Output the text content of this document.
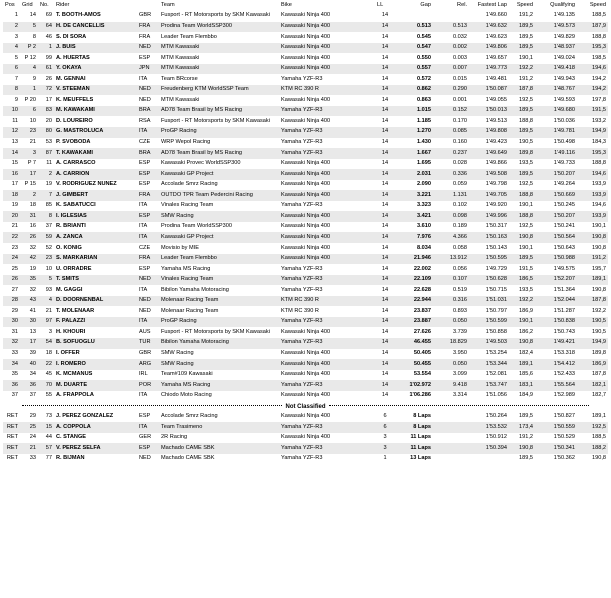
Pos	Grid	No.	Rider		Team	Bike	LL	Gap	Rel.	Fastest Lap	Speed	Qualifying	Speed
1	14	69	T. BOOTH-AMOS	GBR	Fusport - RT Motorsports by SKM Kawasaki	Kawasaki Ninja 400	14			1'49.660	191,2	1'49.135	188,5
2	5	64	H. DE CANCELLIS	FRA	Prodina Team WorldSSP300	Kawasaki Ninja 400	14	0.513	0.513	1'49.632	189,5	1'49.573	187,9
3	8	46	S. DI SORA	FRA	Leader Team Flembbo	Kawasaki Ninja 400	14	0.545	0.032	1'49.623	189,5	1'49.829	188,8
4	P 2	1	J. BUIS	NED	MTM Kawasaki	Kawasaki Ninja 400	14	0.547	0.002	1'49.806	189,5	1'48.937	195,3
5	P 12	99	A. HUERTAS	ESP	MTM Kawasaki	Kawasaki Ninja 400	14	0.550	0.003	1'49.657	190,1	1'49.024	198,5
6	4	61	Y. OKAYA	JPN	MTM Kawasaki	Kawasaki Ninja 400	14	0.557	0.007	1'49.773	192,2	1'49.418	194,6
7	9	26	M. GENNAI	ITA	Team BRcorse	Yamaha YZF-R3	14	0.572	0.015	1'49.481	191,2	1'49.943	194,2
8	1	72	V. STEEMAN	NED	Freudenberg KTM WorldSSP Team	KTM RC 390 R	14	0.862	0.290	1'50.087	187,8	1'48.767	194,2
9	P 20	17	K. MEUFFELS	NED	MTM Kawasaki	Kawasaki Ninja 400	14	0.863	0.001	1'49.055	192,5	1'49.593	197,8
10	6	83	M. KAWAKAMI	BRA	AD78 Team Brasil by MS Racing	Yamaha YZF-R3	14	1.015	0.152	1'50.013	189,5	1'49.680	191,5
11	10	20	D. LOUREIRO	RSA	Fusport - RT Motorsports by SKM Kawasaki	Kawasaki Ninja 400	14	1.185	0.170	1'49.513	188,8	1'50.036	193,2
12	23	80	G. MASTROLUCA	ITA	ProGP Racing	Yamaha YZF-R3	14	1.270	0.085	1'49.808	189,5	1'49.781	194,9
13	21	53	P. SVOBODA	CZE	WRP Wepol Racing	Yamaha YZF-R3	14	1.430	0.160	1'49.423	190,5	1'50.498	184,3
14	3	87	T. KAWAKAMI	BRA	AD78 Team Brasil by MS Racing	Yamaha YZF-R3	14	1.667	0.237	1'49.649	189,8	1'49.116	195,3
15	P 7	11	A. CARRASCO	ESP	Kawasaki Provec WorldSSP300	Kawasaki Ninja 400	14	1.695	0.028	1'49.866	193,5	1'49.733	188,8
16	17	2	A. CARRION	ESP	Kawasaki GP Project	Kawasaki Ninja 400	14	2.031	0.336	1'49.508	189,5	1'50.207	194,6
17	P 15	19	V. RODRIGUEZ NUNEZ	ESP	Accolade Smrz Racing	Kawasaki Ninja 400	14	2.090	0.059	1'49.798	192,5	1'49.264	193,9
18	2	7	J. GIMBERT	FRA	OUTDO TPR Team Pedercini Racing	Kawasaki Ninja 400	14	3.221	1.131	1'49.705	188,8	1'50.669	193,9
19	18	85	K. SABATUCCI	ITA	Vinales Racing Team	Yamaha YZF-R3	14	3.323	0.102	1'49.920	190,1	1'50.245	194,6
20	31	8	I. IGLESIAS	ESP	SMW Racing	Kawasaki Ninja 400	14	3.421	0.098	1'49.996	188,8	1'50.207	193,9
21	16	37	R. BRIANTI	ITA	Prodina Team WorldSSP300	Kawasaki Ninja 400	14	3.610	0.189	1'50.317	192,5	1'50.241	190,1
22	26	59	A. ZANCA	ITA	Kawasaki GP Project	Kawasaki Ninja 400	14	7.976	4.366	1'50.163	190,8	1'50.564	190,8
23	32	52	O. KONIG	CZE	Movisio by MIE	Kawasaki Ninja 400	14	8.034	0.058	1'50.143	190,1	1'50.643	190,8
24	42	23	S. MARKARIAN	FRA	Leader Team Flembbo	Kawasaki Ninja 400	14	21.946	13.912	1'50.595	189,5	1'50.988	191,2
25	19	10	U. ORRADRE	ESP	Yamaha MS Racing	Yamaha YZF-R3	14	22.002	0.056	1'49.729	191,5	1'49.575	195,7
26	35	5	T. SMITS	NED	Vinales Racing Team	Yamaha YZF-R3	14	22.109	0.107	1'50.628	186,5	1'52.207	189,1
27	32	93	M. GAGGI	ITA	Bibilon Yamaha Motoracing	Yamaha YZF-R3	14	22.628	0.519	1'50.715	193,5	1'51.364	190,8
28	43	4	D. DOORNENBAL	NED	Molenaar Racing Team	KTM RC 390 R	14	22.944	0.316	1'51.031	192,2	1'52.044	187,8
29	41	21	T. MOLENAAR	NED	Molenaar Racing Team	KTM RC 390 R	14	23.837	0.893	1'50.797	186,9	1'51.287	192,2
30	30	97	F. PALAZZI	ITA	ProGP Racing	Yamaha YZF-R3	14	23.887	0.050	1'50.599	190,1	1'50.838	190,5
31	13	3	H. KHOURI	AUS	Fusport - RT Motorsports by SKM Kawasaki	Kawasaki Ninja 400	14	27.626	3.739	1'50.858	186,2	1'50.743	190,5
32	17	54	B. SOFUOGLU	TUR	Bibilon Yamaha Motoracing	Yamaha YZF-R3	14	46.455	18.829	1'49.503	190,8	1'49.421	194,9
33	39	18	I. OFFER	GBR	SMW Racing	Kawasaki Ninja 400	14	50.405	3.950	1'53.254	182,4	1'53.318	189,8
34	40	22	I. ROMERO	ARG	SMW Racing	Kawasaki Ninja 400	14	50.455	0.050	1'53.344	189,1	1'54.412	186,9
35	34	45	K. MCMANUS	IRL	Team#109 Kawasaki	Kawasaki Ninja 400	14	53.554	3.099	1'52.081	185,6	1'52.433	187,8
36	36	70	M. DUARTE	POR	Yamaha MS Racing	Yamaha YZF-R3	14	1'02.972	9.418	1'53.747	183,1	1'55.564	182,1
37	37	55	A. FRAPPOLA	ITA	Chiodo Moto Racing	Kawasaki Ninja 400	14	1'06.286	3.314	1'51.056	184,9	1'52.989	182,7
Not Classified													
RET	29	73	J. PEREZ GONZALEZ	ESP	Accolade Smrz Racing	Kawasaki Ninja 400	6	8 Laps		1'50.264	189,5	1'50.827	189,1
RET	25	15	A. COPPOLA	ITA	Team Trasimeno	Yamaha YZF-R3	6	8 Laps		1'53.532	173,4	1'50.559	192,5
RET	24	44	C. STANGE	GER	2R Racing	Kawasaki Ninja 400	3	11 Laps		1'50.912	191,2	1'50.529	188,5
RET	21	57	V. PEREZ SELFA	ESP	Machado CAME SBK	Yamaha YZF-R3	3	11 Laps		1'50.394	190,8	1'50.341	188,2
RET	33	77	R. BIJMAN	NED	Machado CAME SBK	Yamaha YZF-R3	1	13 Laps			189,5	1'50.362	190,8
